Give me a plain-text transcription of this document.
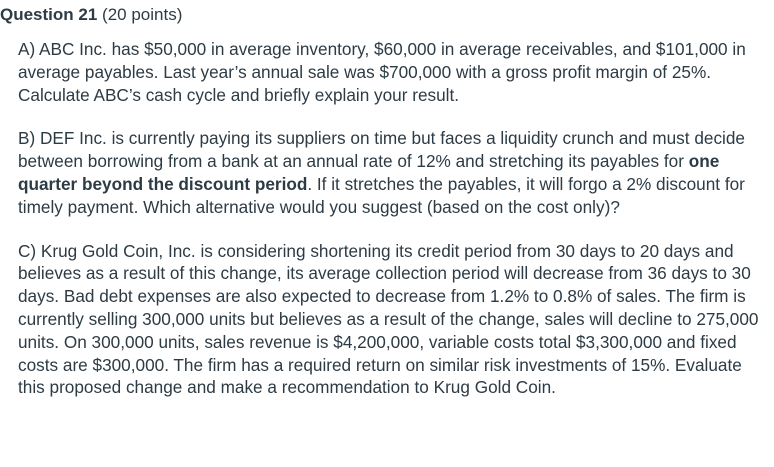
Question 21 (20 points)

A) ABC Inc. has $50,000 in average inventory, $60,000 in average receivables, and $101,000 in average payables. Last year’s annual sale was $700,000 with a gross profit margin of 25%. Calculate ABC’s cash cycle and briefly explain your result.

B) DEF Inc. is currently paying its suppliers on time but faces a liquidity crunch and must decide between borrowing from a bank at an annual rate of 12% and stretching its payables for one quarter beyond the discount period. If it stretches the payables, it will forgo a 2% discount for timely payment. Which alternative would you suggest (based on the cost only)?

C) Krug Gold Coin, Inc. is considering shortening its credit period from 30 days to 20 days and believes as a result of this change, its average collection period will decrease from 36 days to 30 days. Bad debt expenses are also expected to decrease from 1.2% to 0.8% of sales. The firm is currently selling 300,000 units but believes as a result of the change, sales will decline to 275,000 units. On 300,000 units, sales revenue is $4,200,000, variable costs total $3,300,000 and fixed costs are $300,000. The firm has a required return on similar risk investments of 15%. Evaluate this proposed change and make a recommendation to Krug Gold Coin.
